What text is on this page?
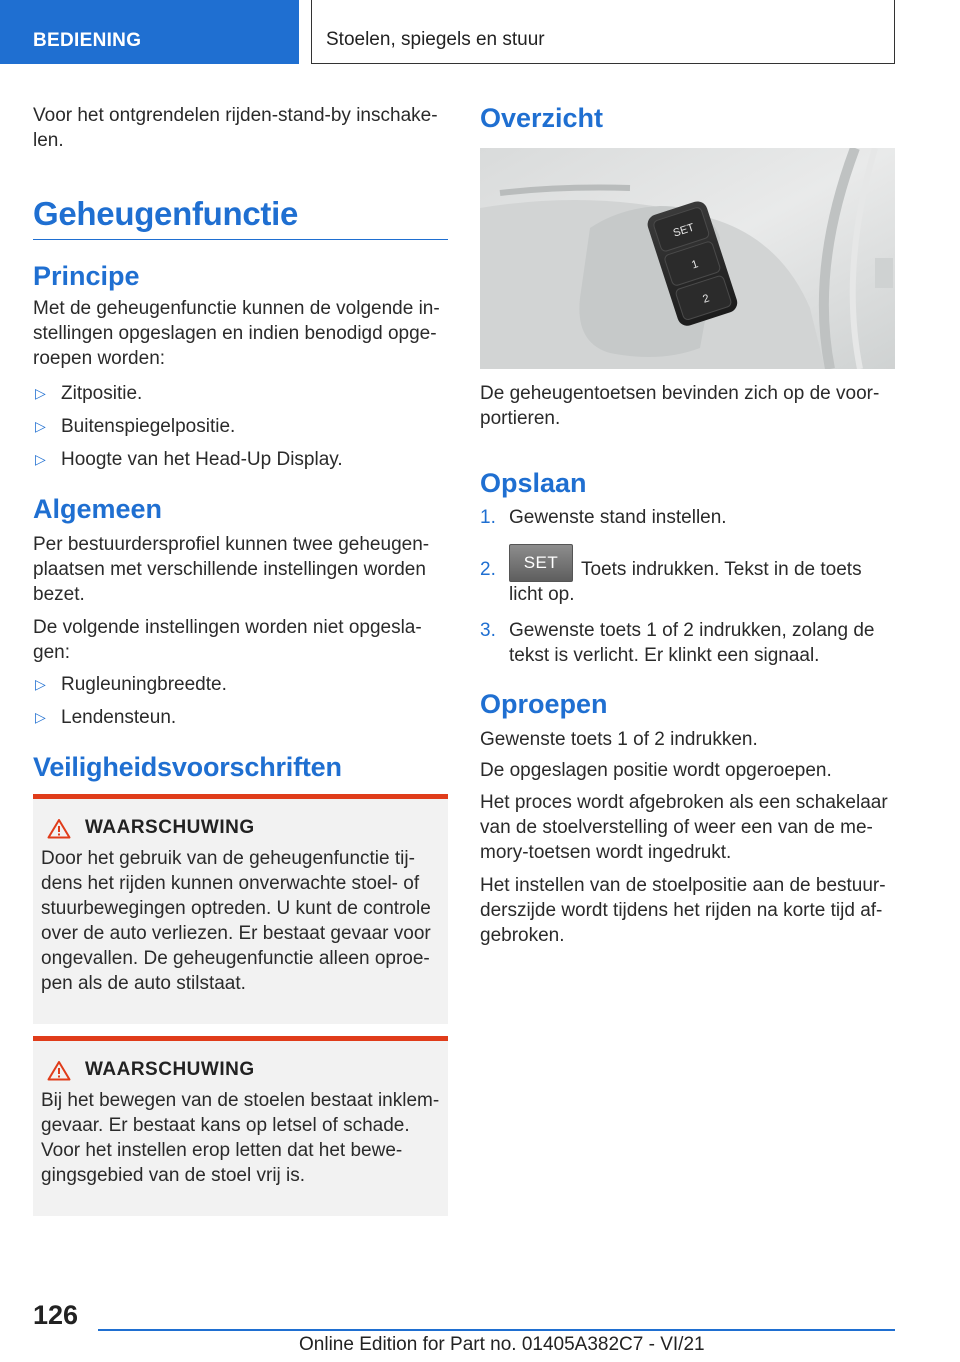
BEDIENING	Stoelen, spiegels en stuur

Voor het ontgrendelen rijden-stand-by inschake-len.

Geheugenfunctie
Principe

Met de geheugenfunctie kunnen de volgende in-stellingen opgeslagen en indien benodigd opge-roepen worden:

▷ Zitpositie.
▷ Buitenspiegelpositie.
▷ Hoogte van het Head-Up Display.
Algemeen

Per bestuurdersprofiel kunnen twee geheugen-plaatsen met verschillende instellingen worden bezet.

De volgende instellingen worden niet opgesla-gen:

▷ Rugleuningbreedte.
▷ Lendensteun.
Veiligheidsvoorschriften
WAARSCHUWING

Door het gebruik van de geheugenfunctie tij-dens het rijden kunnen onverwachte stoel- of stuurbewegingen optreden. U kunt de controle over de auto verliezen. Er bestaat gevaar voor ongevallen. De geheugenfunctie alleen oproe-pen als de auto stilstaat.

WAARSCHUWING

Bij het bewegen van de stoelen bestaat inklem-gevaar. Er bestaat kans op letsel of schade. Voor het instellen erop letten dat het bewe-gingsgebied van de stoel vrij is.

Overzicht
SET
1
2

De geheugentoetsen bevinden zich op de voor-portieren.

Opslaan
1. Gewenste stand instellen.
2. SET Toets indrukken. Tekst in de toets licht op.
3. Gewenste toets 1 of 2 indrukken, zolang de tekst is verlicht. Er klinkt een signaal.
Oproepen

Gewenste toets 1 of 2 indrukken.

De opgeslagen positie wordt opgeroepen.

Het proces wordt afgebroken als een schakelaar van de stoelverstelling of weer een van de me-mory-toetsen wordt ingedrukt.

Het instellen van de stoelpositie aan de bestuur-derszijde wordt tijdens het rijden na korte tijd af-gebroken.

126
Online Edition for Part no. 01405A382C7 - VI/21
